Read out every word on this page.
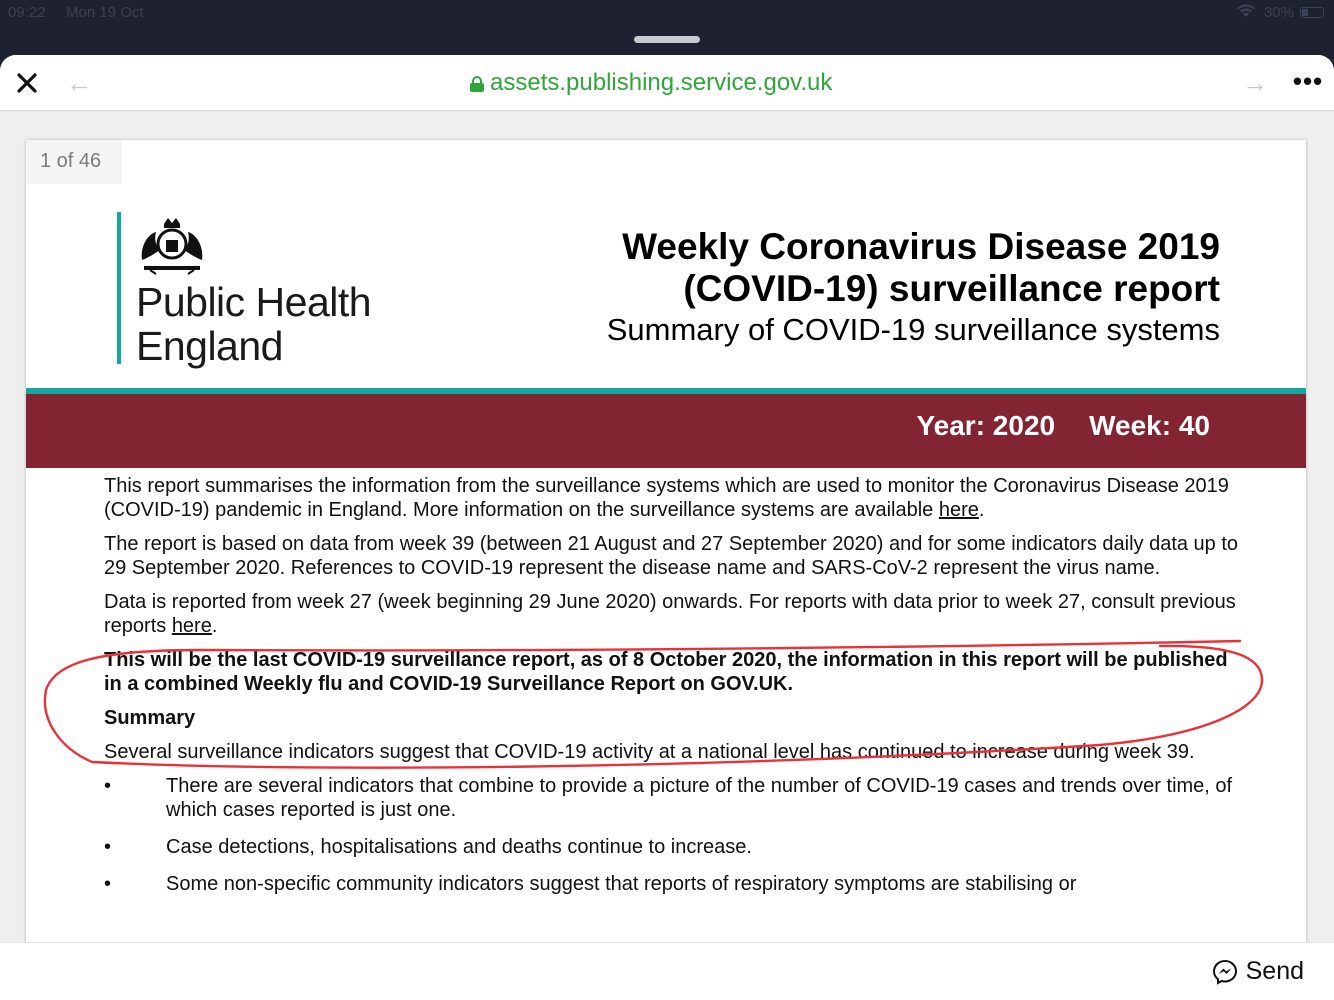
09:22 Mon 19 Oct	30%
←	assets.publishing.service.gov.uk	→ •••
1 of 46
Public Health
England
Weekly Coronavirus Disease 2019
(COVID-19) surveillance report
Summary of COVID-19 surveillance systems
Year: 2020 Week: 40

This report summarises the information from the surveillance systems which are used to monitor the Coronavirus Disease 2019 (COVID-19) pandemic in England. More information on the surveillance systems are available here.

The report is based on data from week 39 (between 21 August and 27 September 2020) and for some indicators daily data up to 29 September 2020. References to COVID-19 represent the disease name and SARS-CoV-2 represent the virus name.

Data is reported from week 27 (week beginning 29 June 2020) onwards. For reports with data prior to week 27, consult previous reports here.

This will be the last COVID-19 surveillance report, as of 8 October 2020, the information in this report will be published in a combined Weekly flu and COVID-19 Surveillance Report on GOV.UK.

Summary

Several surveillance indicators suggest that COVID-19 activity at a national level has continued to increase during week 39.

• There are several indicators that combine to provide a picture of the number of COVID-19 cases and trends over time, of which cases reported is just one.
• Case detections, hospitalisations and deaths continue to increase.
• Some non-specific community indicators suggest that reports of respiratory symptoms are stabilising or
Send
